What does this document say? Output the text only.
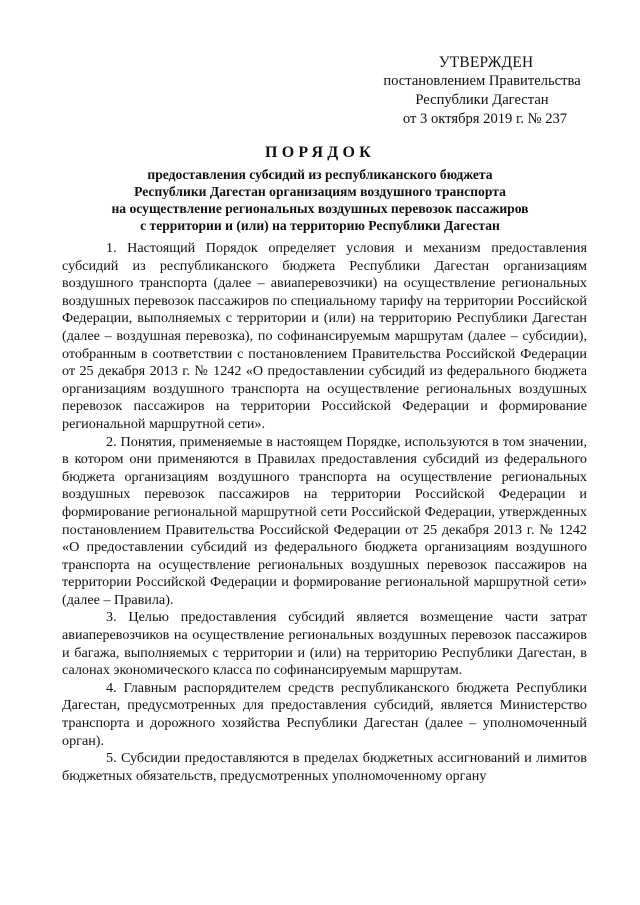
УТВЕРЖДЕН
постановлением Правительства
Республики Дагестан
от 3 октября 2019 г. № 237
ПОРЯДОК
предоставления субсидий из республиканского бюджета
Республики Дагестан организациям воздушного транспорта
на осуществление региональных воздушных перевозок пассажиров
с территории и (или) на территорию Республики Дагестан

1. Настоящий Порядок определяет условия и механизм предоставления субсидий из республиканского бюджета Республики Дагестан организациям воздушного транспорта (далее – авиаперевозчики) на осуществление региональных воздушных перевозок пассажиров по специальному тарифу на территории Российской Федерации, выполняемых с территории и (или) на территорию Республики Дагестан (далее – воздушная перевозка), по софинансируемым маршрутам (далее – субсидии), отобранным в соответствии с постановлением Правительства Российской Федерации от 25 декабря 2013 г. № 1242 «О предоставлении субсидий из федерального бюджета организациям воздушного транспорта на осуществление региональных воздушных перевозок пассажиров на территории Российской Федерации и формирование региональной маршрутной сети».

2. Понятия, применяемые в настоящем Порядке, используются в том значении, в котором они применяются в Правилах предоставления субсидий из федерального бюджета организациям воздушного транспорта на осуществление региональных воздушных перевозок пассажиров на территории Российской Федерации и формирование региональной маршрутной сети Российской Федерации, утвержденных постановлением Правительства Российской Федерации от 25 декабря 2013 г. № 1242 «О предоставлении субсидий из федерального бюджета организациям воздушного транспорта на осуществление региональных воздушных перевозок пассажиров на территории Российской Федерации и формирование региональной маршрутной сети» (далее – Правила).

3. Целью предоставления субсидий является возмещение части затрат авиаперевозчиков на осуществление региональных воздушных перевозок пассажиров и багажа, выполняемых с территории и (или) на территорию Республики Дагестан, в салонах экономического класса по софинансируемым маршрутам.

4. Главным распорядителем средств республиканского бюджета Республики Дагестан, предусмотренных для предоставления субсидий, является Министерство транспорта и дорожного хозяйства Республики Дагестан (далее – уполномоченный орган).

5. Субсидии предоставляются в пределах бюджетных ассигнований и лимитов бюджетных обязательств, предусмотренных уполномоченному органу
